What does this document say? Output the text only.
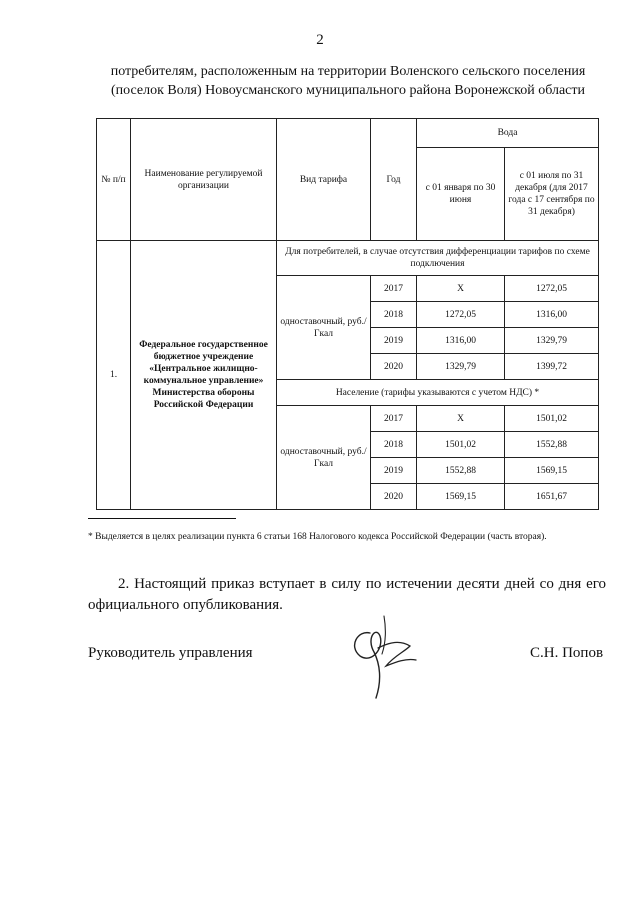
2
потребителям, расположенным на территории Воленского сельского поселения
(поселок Воля) Новоусманского муниципального района Воронежской области
№ п/п	Наименование регулируемой организации	Вид тарифа	Год	Вода	
				с 01 января по 30 июня	с 01 июля по 31 декабря (для 2017 года с 17 сентября по 31 декабря)
1.	Федеральное государственное бюджетное учреждение «Центральное жилищно-коммунальное управление» Министерства обороны Российской Федерации	Для потребителей, в случае отсутствия дифференциации тарифов по схеме подключения			
		одноставочный, руб./Гкал	2017	X	1272,05
			2018	1272,05	1316,00
			2019	1316,00	1329,79
			2020	1329,79	1399,72
		Население (тарифы указываются с учетом НДС) *			
		одноставочный, руб./Гкал	2017	X	1501,02
			2018	1501,02	1552,88
			2019	1552,88	1569,15
			2020	1569,15	1651,67
* Выделяется в целях реализации пункта 6 статьи 168 Налогового кодекса Российской Федерации (часть вторая).
2. Настоящий приказ вступает в силу по истечении десяти дней со дня его официального опубликования.
Руководитель управления	С.Н. Попов
